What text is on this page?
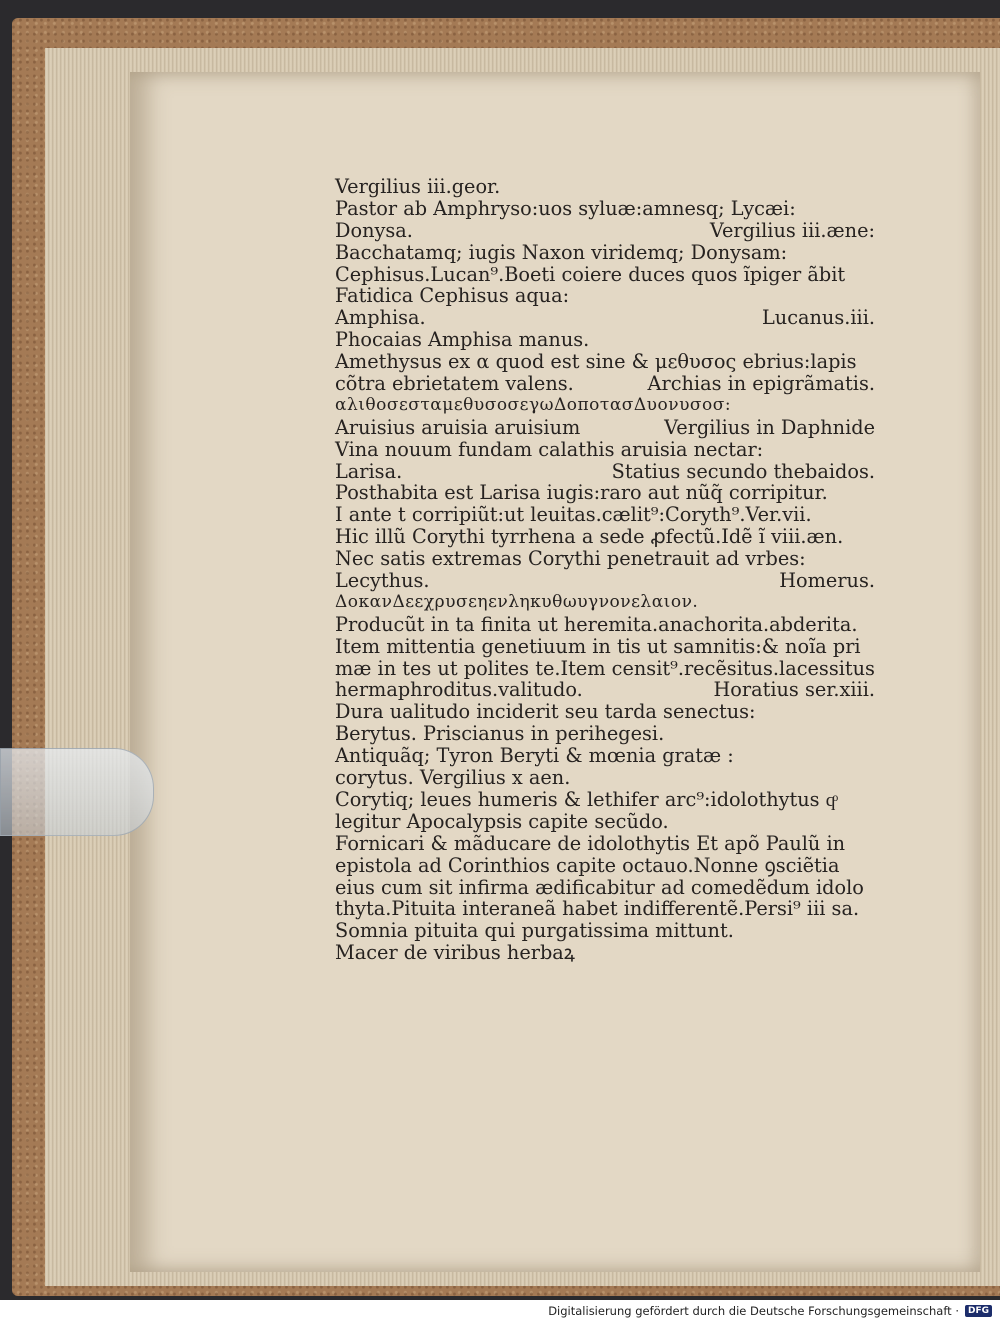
Vergilius iii.geor.
Pastor ab Amphryso:uos syluæ:amnesq; Lycæi:
Donysa.	Vergilius iii.æne:
Bacchatamq; iugis Naxon viridemq; Donysam:
Cephisus.Lucan⁹.Boeti coiere duces quos ĩpiger ãbit
Fatidica Cephisus aqua:
Amphisa.	Lucanus.iii.
Phocaias Amphisa manus.
Amethysus ex α quod est sine & μεθυσος ebrius:lapis
cõtra ebrietatem valens.	Archias in epigrãmatis.
αλιθοσεσταμεθυσοσεγωΔοποτασΔυονυσοσ:
Aruisius aruisia aruisium	Vergilius in Daphnide
Vina nouum fundam calathis aruisia nectar:
Larisa.	Statius secundo thebaidos.
Posthabita est Larisa iugis:raro aut nũq̃ corripitur.
I ante t corripiũt:ut leuitas.cælit⁹:Coryth⁹.Ver.vii.
Hic illũ Corythi tyrrhena a sede ꝓfectũ.Idẽ ĩ viii.æn.
Nec satis extremas Corythi penetrauit ad vrbes:
Lecythus.	Homerus.
ΔοκανΔεεχρυσεηενληκυθωυγνονελαιον.
Producũt in ta finita ut heremita.anachorita.abderita.
Item mittentia genetiuum in tis ut samnitis:& noĩa pri
mæ in tes ut polites te.Item censit⁹.recẽsitus.lacessitus
hermaphroditus.valitudo.	Horatius ser.xiii.
Dura ualitudo inciderit seu tarda senectus:
Berytus. Priscianus in perihegesi.
Antiquãq; Tyron Beryti & mœnia gratæ :
corytus. Vergilius x aen.
Corytiq; leues humeris & lethifer arc⁹:idolothytus qͦ
legitur Apocalypsis capite secũdo.
Fornicari & mãducare de idolothytis Et apõ Paulũ in
epistola ad Corinthios capite octauo.Nonne ꝯsciẽtia
eius cum sit infirma ædificabitur ad comedẽdum idolo
thyta.Pituita interaneã habet indifferentẽ.Persi⁹ iii sa.
Somnia pituita qui purgatissima mittunt.
Macer de viribus herbaꝝ
Digitalisierung gefördert durch die Deutsche Forschungsgemeinschaft ·	DFG
